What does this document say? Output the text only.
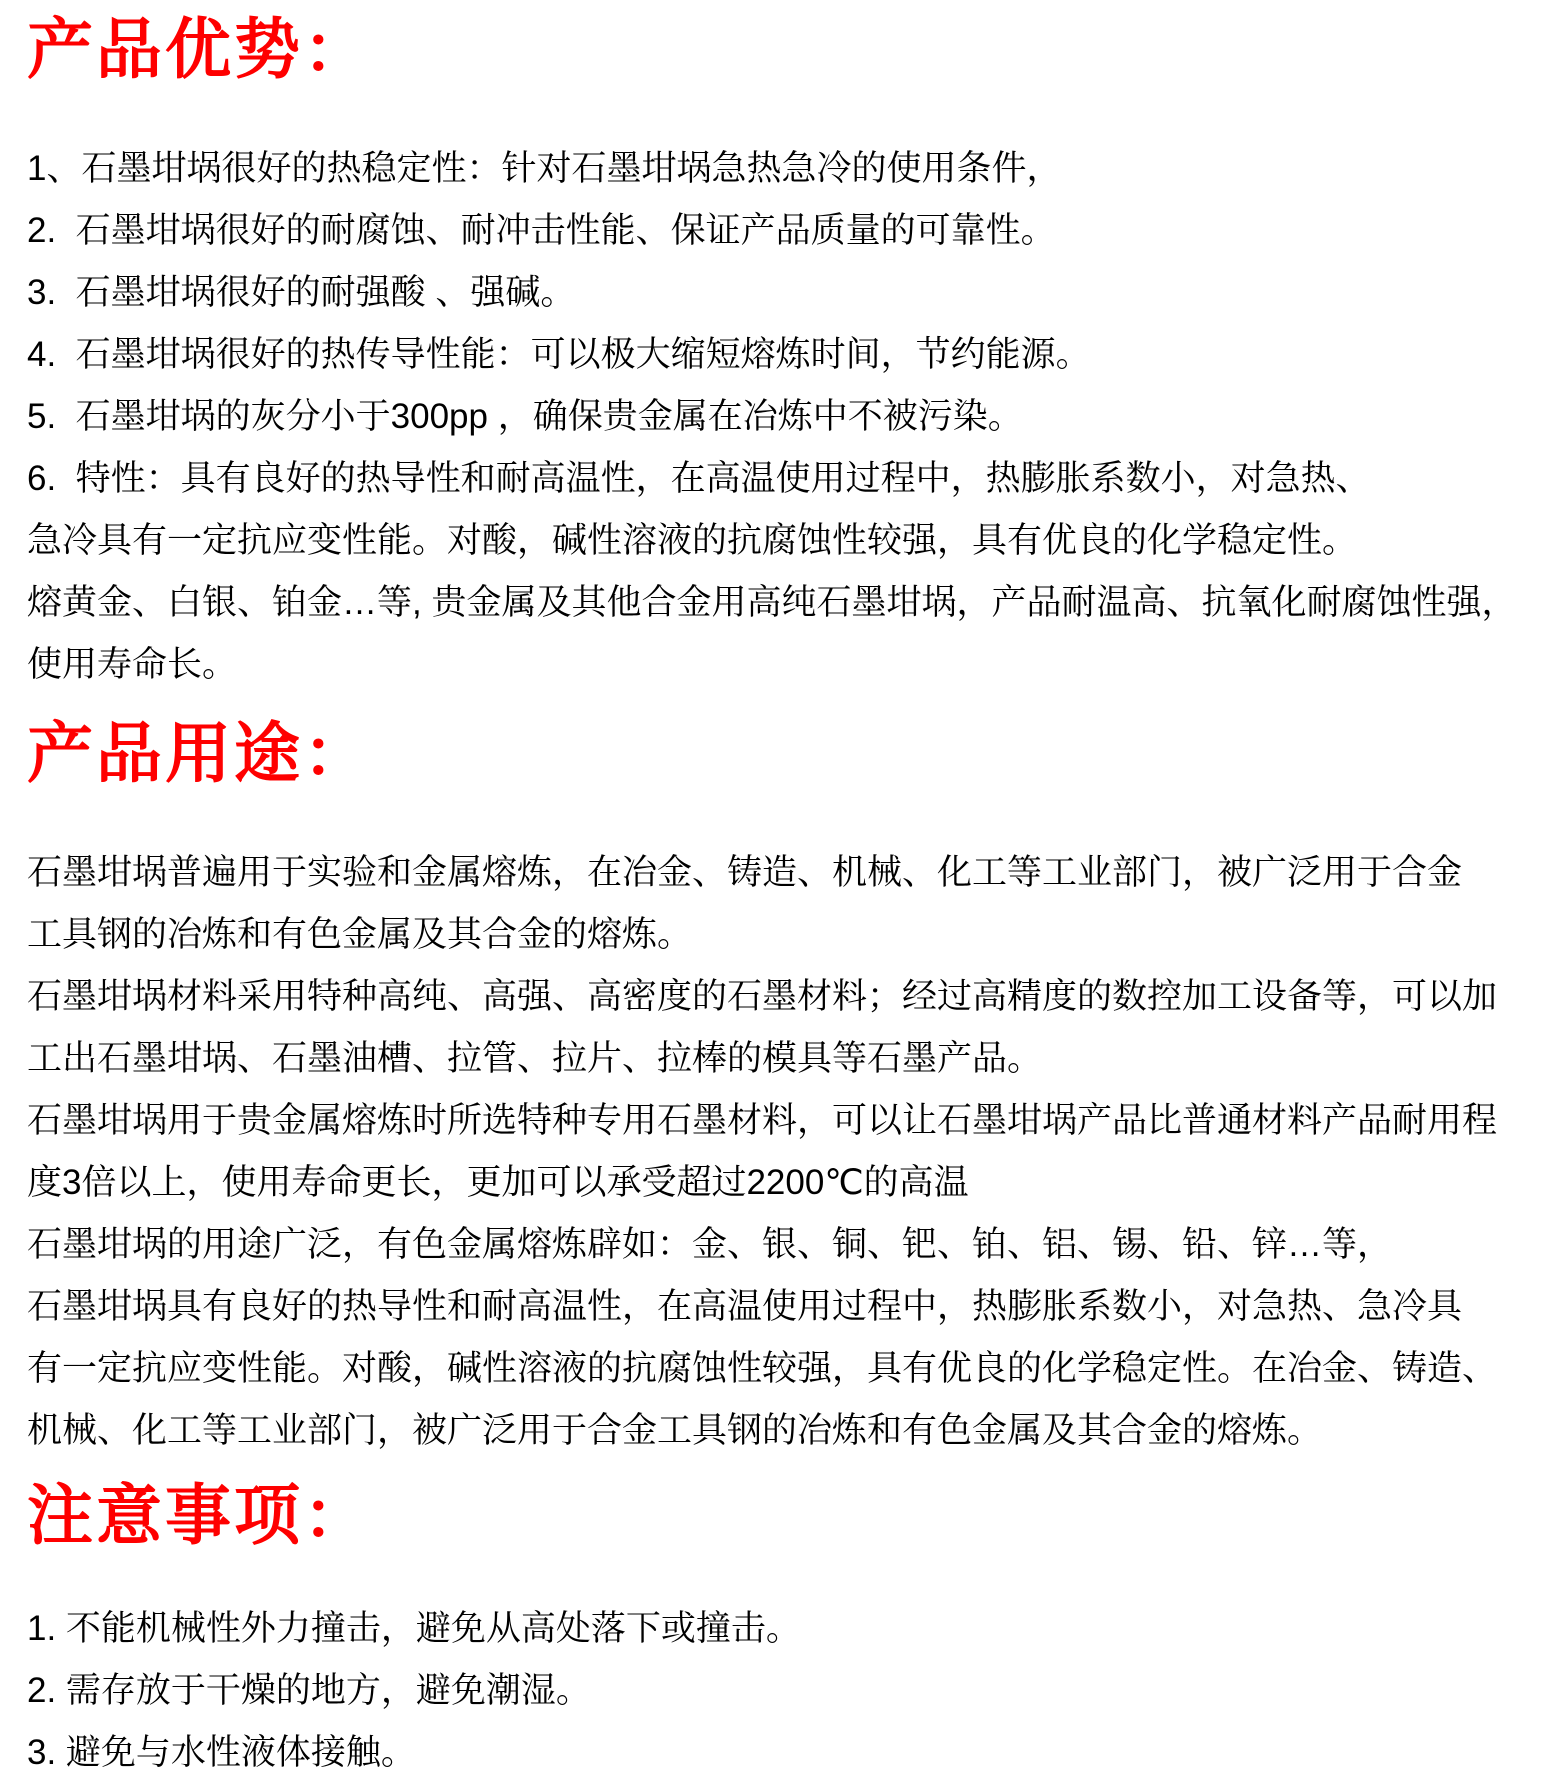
产品优势：
1、石墨坩埚很好的热稳定性：针对石墨坩埚急热急冷的使用条件，
2.  石墨坩埚很好的耐腐蚀、耐冲击性能、保证产品质量的可靠性。
3.  石墨坩埚很好的耐强酸 、强碱。
4.  石墨坩埚很好的热传导性能：可以极大缩短熔炼时间，节约能源。
5.  石墨坩埚的灰分小于300pp ，确保贵金属在冶炼中不被污染。
6.  特性：具有良好的热导性和耐高温性，在高温使用过程中，热膨胀系数小，对急热、
急冷具有一定抗应变性能。对酸，碱性溶液的抗腐蚀性较强，具有优良的化学稳定性。
熔黄金、白银、铂金…等, 贵金属及其他合金用高纯石墨坩埚，产品耐温高、抗氧化耐腐蚀性强，
使用寿命长。
产品用途：
石墨坩埚普遍用于实验和金属熔炼，在冶金、铸造、机械、化工等工业部门，被广泛用于合金
工具钢的冶炼和有色金属及其合金的熔炼。
石墨坩埚材料采用特种高纯、高强、高密度的石墨材料；经过高精度的数控加工设备等，可以加
工出石墨坩埚、石墨油槽、拉管、拉片、拉棒的模具等石墨产品。
石墨坩埚用于贵金属熔炼时所选特种专用石墨材料，可以让石墨坩埚产品比普通材料产品耐用程
度3倍以上，使用寿命更长，更加可以承受超过2200℃的高温
石墨坩埚的用途广泛，有色金属熔炼辟如：金、银、铜、钯、铂、铝、锡、铅、锌…等，
石墨坩埚具有良好的热导性和耐高温性，在高温使用过程中，热膨胀系数小，对急热、急冷具
有一定抗应变性能。对酸，碱性溶液的抗腐蚀性较强，具有优良的化学稳定性。在冶金、铸造、
机械、化工等工业部门，被广泛用于合金工具钢的冶炼和有色金属及其合金的熔炼。
注意事项：
1. 不能机械性外力撞击，避免从高处落下或撞击。
2. 需存放于干燥的地方，避免潮湿。
3. 避免与水性液体接触。
